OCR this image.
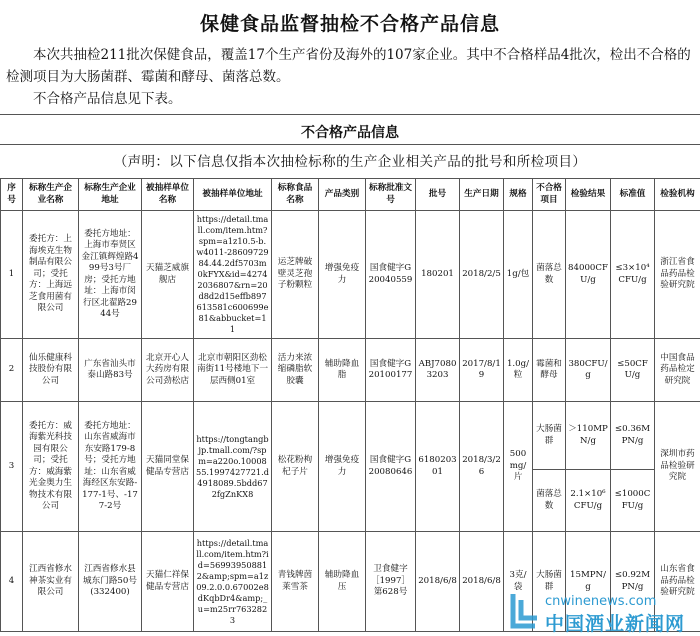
保健食品监督抽检不合格产品信息

本次共抽检211批次保健食品，覆盖17个生产省份及海外的107家企业。其中不合格样品4批次，检出不合格的检测项目为大肠菌群、霉菌和酵母、菌落总数。

不合格产品信息见下表。

不合格产品信息
（声明：以下信息仅指本次抽检标称的生产企业相关产品的批号和所检项目）
序号	标称生产企业名称	标称生产企业地址	被抽样单位名称	被抽样单位地址	标称食品名称	产品类别	标称批准文号	批号	生产日期	规格	不合格项目	检验结果	标准值	检验机构
1	委托方：上海埃克生物制品有限公司；受托方：上海远芝食用菌有限公司	委托方地址：上海市奉贤区金江镇辉煌路499号3号厂房；受托方地址：上海市闵行区北翟路2944号	天猫芝威旗舰店	https://detail.tmall.com/item.htm?spm=a1z10.5-b.w4011-2860972984.44.2df5703m0kFYX&id=42742036807&rn=20d8d2d15effb897613581c600699e81&abbucket=11	运芝牌破壁灵芝孢子粉颗粒	增强免疫力	国食健字G20040559	180201	2018/2/5	1g/包	菌落总数	84000CFU/g	≤3×10⁴ CFU/g	浙江省食品药品检验研究院
2	仙乐健康科技股份有限公司	广东省汕头市泰山路83号	北京开心人大药房有限公司劲松店	北京市朝阳区劲松南街11号楼地下一层西侧01室	活力来浓缩磷脂软胶囊	辅助降血脂	国食健字G20100177	ABJ70803203	2017/8/19	1.0g/粒	霉菌和酵母	380CFU/g	≤50CFU/g	中国食品药品检定研究院
3	委托方：威海紫光科技园有限公司；受托方：威海紫光金奥力生物技术有限公司	委托方地址：山东省威海市东安路179-8号；受托方地址：山东省威海经区东安路-177-1号、-177-2号	天猫同堂保健品专营店	https://tongtangbjp.tmall.com/?spm=a220o.1000855.1997427721.d4918089.5bdd672fgZnKX8	松花粉枸杞子片	增强免疫力	国食健字G20080646	618020301	2018/3/26	500mg/片	大肠菌群	＞110MPN/g	≤0.36MPN/g	深圳市药品检验研究院
											菌落总数	2.1×10⁶CFU/g	≤1000CFU/g	
4	江西省修水神茶实业有限公司	江西省修水县城东门路50号(332400)	天猫仁祥保健品专营店	https://detail.tmall.com/item.htm?id=569939508812&amp;spm=a1z09.2.0.0.67002e8dKqbDr4&amp;_u=m25rr7632823	青钱牌茵莱雪茶	辅助降血压	卫食健字［1997］第628号	2018/6/8	2018/6/8	3克/袋	大肠菌群	15MPN/g	≤0.92MPN/g	山东省食品药品检验研究院
cnwinenews.com
中国酒业新闻网
